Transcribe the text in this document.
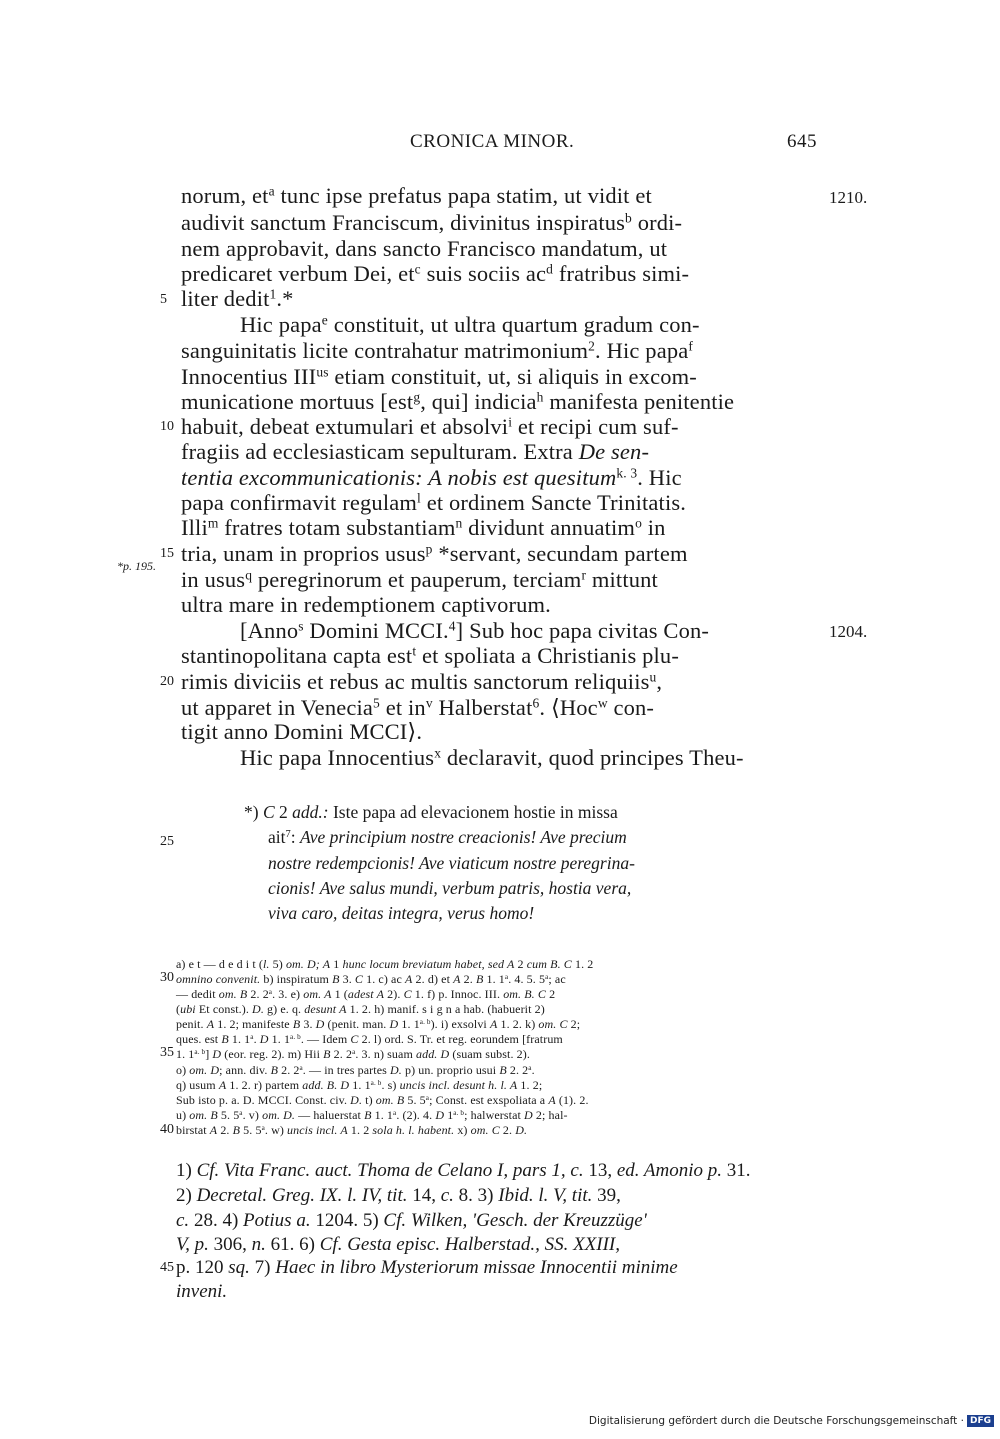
CRONICA MINOR.	645
norum, $et^a$ tunc ipse prefatus papa statim, ut vidit et
audivit sanctum Franciscum, divinitus inspiratus$^b$ ordi-
nem approbavit, dans sancto Francisco mandatum, ut
predicaret verbum Dei, $et^c$ suis sociis $ac^d$ fratribus simi-
liter dedit$^1$.*
Hic papa$^e$ constituit, ut ultra quartum gradum con-
sanguinitatis licite contrahatur matrimonium$^2$. Hic papa$^f$
Innocentius $III^{us}$ etiam constituit, ut, si aliquis in excom-
municatione mortuus [est$^g$, qui] indicia$^h$ manifesta penitentie
habuit, debeat extumulari et absolvi$^i$ et recipi cum suf-
fragiis ad ecclesiasticam sepulturam. Extra De sen-
tentia excommunicationis: A nobis est quesitum$^{k. 3}$. Hic
papa confirmavit regulam$^l$ et ordinem Sancte Trinitatis.
Illi$^m$ fratres totam substantiam$^n$ dividunt annuatim$^o$ in
tria, unam in proprios usus$^p$ *servant, secundam partem
in usus$^q$ peregrinorum et pauperum, terciam$^r$ mittunt
ultra mare in redemptionem captivorum.
[Anno$^s$ Domini MCCI.$^4$] Sub hoc papa civitas Con-
stantinopolitana capta est$^t$ et spoliata a Christianis plu-
rimis diviciis et rebus ac multis sanctorum reliquiis$^u$,
ut apparet in Venecia$^5$ et $in^v$ Halberstat$^6$. ⟨Hoc$^w$ con-
tigit anno Domini MCCI⟩.
Hic papa Innocentius$^x$ declaravit, quod principes Theu-
1210.
1204.
*p. 195.
5
10
15
20
25
30
35
40
45
*) C 2 add.: Iste papa ad elevacionem hostie in missa
ait$^7$: Ave principium nostre creacionis! Ave precium
nostre redempcionis! Ave viaticum nostre peregrina-
cionis! Ave salus mundi, verbum patris, hostia vera,
viva caro, deitas integra, verus homo!
a) e t — d e d i t (l. 5) om. D; A 1 hunc locum breviatum habet, sed A 2 cum B. C 1. 2
omnino convenit. b) inspiratum B 3. C 1. c) ac A 2. d) et A 2. B 1. 1$^a$. 4. 5. 5$^a$; ac
— dedit om. B 2. 2$^a$. 3. e) om. A 1 (adest A 2). C 1. f) p. Innoc. III. om. B. C 2
(ubi Et const.). D. g) e. q. desunt A 1. 2. h) manif. s i g n a hab. (habuerit 2)
penit. A 1. 2; manifeste B 3. D (penit. man. D 1. $1^{a. b}$). i) exsolvi A 1. 2. k) om. C 2;
ques. est B 1. 1$^a$. D 1. $1^{a. b}$. — Idem C 2. l) ord. S. Tr. et reg. eorundem [fratrum
1. $1^{a. b}$] D (eor. reg. 2). m) Hii B 2. 2$^a$. 3. n) suam add. D (suam subst. 2).
o) om. D; ann. div. B 2. 2$^a$. — in tres partes D. p) un. proprio usui B 2. 2$^a$.
q) usum A 1. 2. r) partem add. B. D 1. $1^{a. b}$. s) uncis incl. desunt h. l. A 1. 2;
Sub isto p. a. D. MCCI. Const. civ. D. t) om. B 5. 5$^a$; Const. est exspoliata a A (1). 2.
u) om. B 5. 5$^a$. v) om. D. — haluerstat B 1. 1$^a$. (2). 4. D $1^{a. b}$; halwerstat D 2; hal-
birstat A 2. B 5. 5$^a$. w) uncis incl. A 1. 2 sola h. l. habent. x) om. C 2. D.
1) Cf. Vita Franc. auct. Thoma de Celano I, pars 1, c. 13, ed. Amonio p. 31.
2) Decretal. Greg. IX. l. IV, tit. 14, c. 8. 3) Ibid. l. V, tit. 39,
c. 28. 4) Potius a. 1204. 5) Cf. Wilken, 'Gesch. der Kreuzzüge'
V, p. 306, n. 61. 6) Cf. Gesta episc. Halberstad., SS. XXIII,
p. 120 sq. 7) Haec in libro Mysteriorum missae Innocentii minime
inveni.
Digitalisierung gefördert durch die Deutsche Forschungsgemeinschaft · DFG
